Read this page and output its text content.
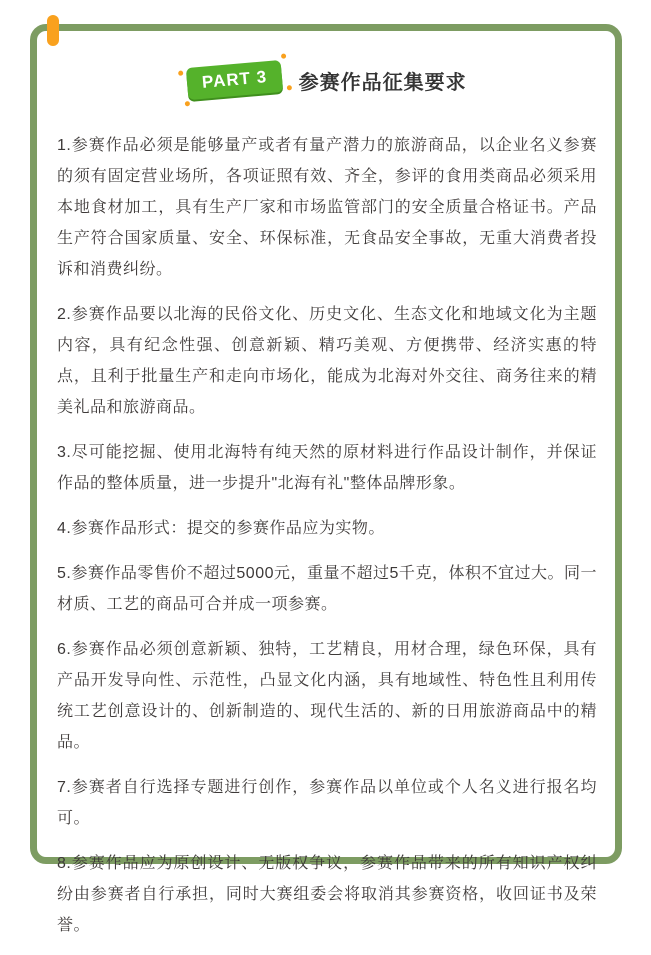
PART 3	参赛作品征集要求

1.参赛作品必须是能够量产或者有量产潜力的旅游商品，以企业名义参赛的须有固定营业场所，各项证照有效、齐全，参评的食用类商品必须采用本地食材加工，具有生产厂家和市场监管部门的安全质量合格证书。产品生产符合国家质量、安全、环保标准，无食品安全事故，无重大消费者投诉和消费纠纷。

2.参赛作品要以北海的民俗文化、历史文化、生态文化和地域文化为主题内容，具有纪念性强、创意新颖、精巧美观、方便携带、经济实惠的特点，且利于批量生产和走向市场化，能成为北海对外交往、商务往来的精美礼品和旅游商品。

3.尽可能挖掘、使用北海特有纯天然的原材料进行作品设计制作，并保证作品的整体质量，进一步提升"北海有礼"整体品牌形象。

4.参赛作品形式：提交的参赛作品应为实物。

5.参赛作品零售价不超过5000元，重量不超过5千克，体积不宜过大。同一材质、工艺的商品可合并成一项参赛。

6.参赛作品必须创意新颖、独特，工艺精良，用材合理，绿色环保，具有产品开发导向性、示范性，凸显文化内涵，具有地域性、特色性且利用传统工艺创意设计的、创新制造的、现代生活的、新的日用旅游商品中的精品。

7.参赛者自行选择专题进行创作，参赛作品以单位或个人名义进行报名均可。

8.参赛作品应为原创设计、无版权争议，参赛作品带来的所有知识产权纠纷由参赛者自行承担，同时大赛组委会将取消其参赛资格，收回证书及荣誉。
